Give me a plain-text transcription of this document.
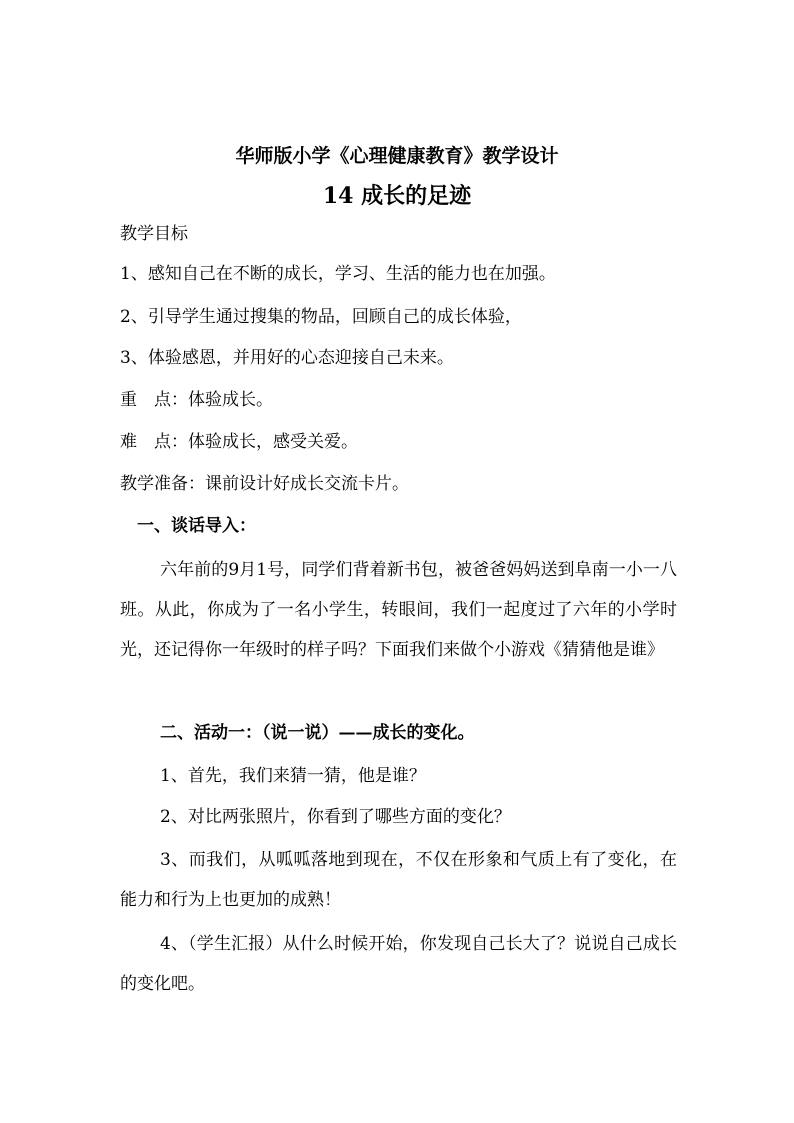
华师版小学《心理健康教育》教学设计
14 成长的足迹
教学目标
1、感知自己在不断的成长，学习、生活的能力也在加强。
2、引导学生通过搜集的物品，回顾自己的成长体验，
3、体验感恩，并用好的心态迎接自己未来。
重　点：体验成长。
难　点：体验成长，感受关爱。
教学准备：课前设计好成长交流卡片。
一、谈话导入：
六年前的9月1号，同学们背着新书包，被爸爸妈妈送到阜南一小一八班。从此，你成为了一名小学生，转眼间，我们一起度过了六年的小学时光，还记得你一年级时的样子吗？下面我们来做个小游戏《猜猜他是谁》
二、活动一：（说一说）——成长的变化。
1、首先，我们来猜一猜，他是谁？
2、对比两张照片，你看到了哪些方面的变化？
3、而我们，从呱呱落地到现在，不仅在形象和气质上有了变化，在能力和行为上也更加的成熟！
4、（学生汇报）从什么时候开始，你发现自己长大了？说说自己成长的变化吧。
